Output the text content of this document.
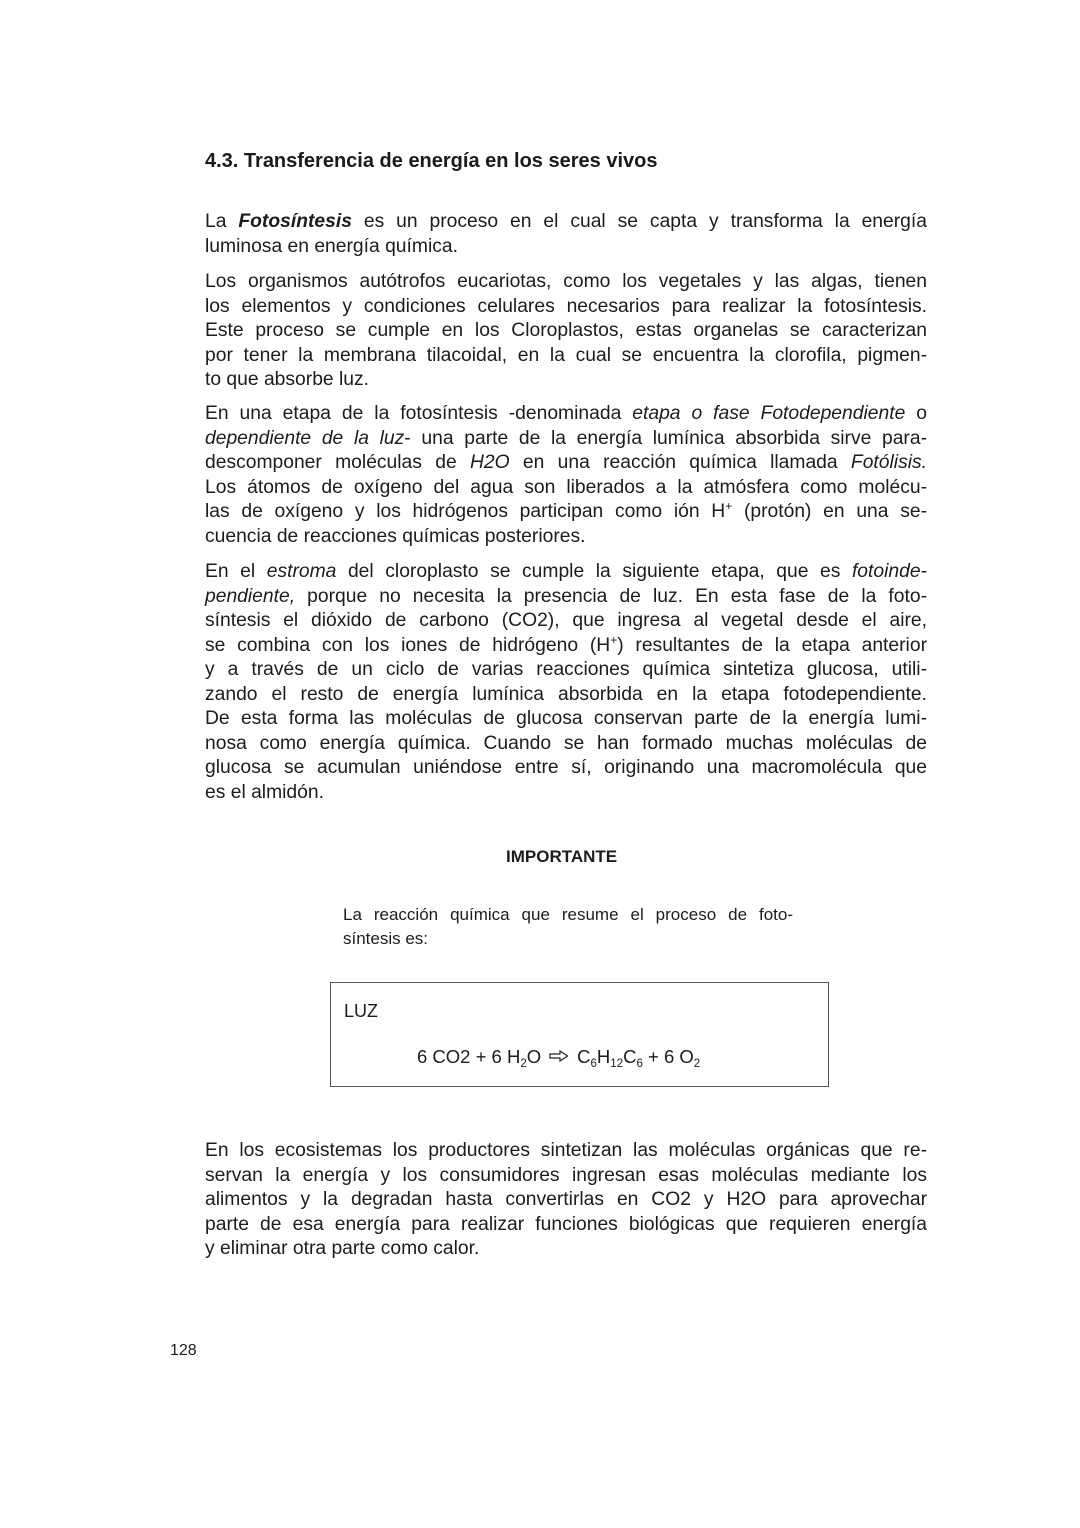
4.3. Transferencia de energía en los seres vivos
La Fotosíntesis es un proceso en el cual se capta y transforma la energía
luminosa en energía química.
Los organismos autótrofos eucariotas, como los vegetales y las algas, tienen
los elementos y condiciones celulares necesarios para realizar la fotosíntesis.
Este proceso se cumple en los Cloroplastos, estas organelas se caracterizan
por tener la membrana tilacoidal, en la cual se encuentra la clorofila, pigmen-
to que absorbe luz.
En una etapa de la fotosíntesis -denominada etapa o fase Fotodependiente o
dependiente de la luz- una parte de la energía lumínica absorbida sirve para-
descomponer moléculas de H2O en una reacción química llamada Fotólisis.
Los átomos de oxígeno del agua son liberados a la atmósfera como molécu-
las de oxígeno y los hidrógenos participan como ión H+ (protón) en una se-
cuencia de reacciones químicas posteriores.
En el estroma del cloroplasto se cumple la siguiente etapa, que es fotoinde-
pendiente, porque no necesita la presencia de luz. En esta fase de la foto-
síntesis el dióxido de carbono (CO2), que ingresa al vegetal desde el aire,
se combina con los iones de hidrógeno (H+) resultantes de la etapa anterior
y a través de un ciclo de varias reacciones química sintetiza glucosa, utili-
zando el resto de energía lumínica absorbida en la etapa fotodependiente.
De esta forma las moléculas de glucosa conservan parte de la energía lumi-
nosa como energía química. Cuando se han formado muchas moléculas de
glucosa se acumulan uniéndose entre sí, originando una macromolécula que
es el almidón.

IMPORTANTE

La reacción química que resume el proceso de foto-
síntesis es:

LUZ

6 CO2 + 6 $H_2O$ $C_6H_{12}C_6 + 6$ $O_2$

En los ecosistemas los productores sintetizan las moléculas orgánicas que re-
servan la energía y los consumidores ingresan esas moléculas mediante los
alimentos y la degradan hasta convertirlas en CO2 y H2O para aprovechar
parte de esa energía para realizar funciones biológicas que requieren energía
y eliminar otra parte como calor.

128
